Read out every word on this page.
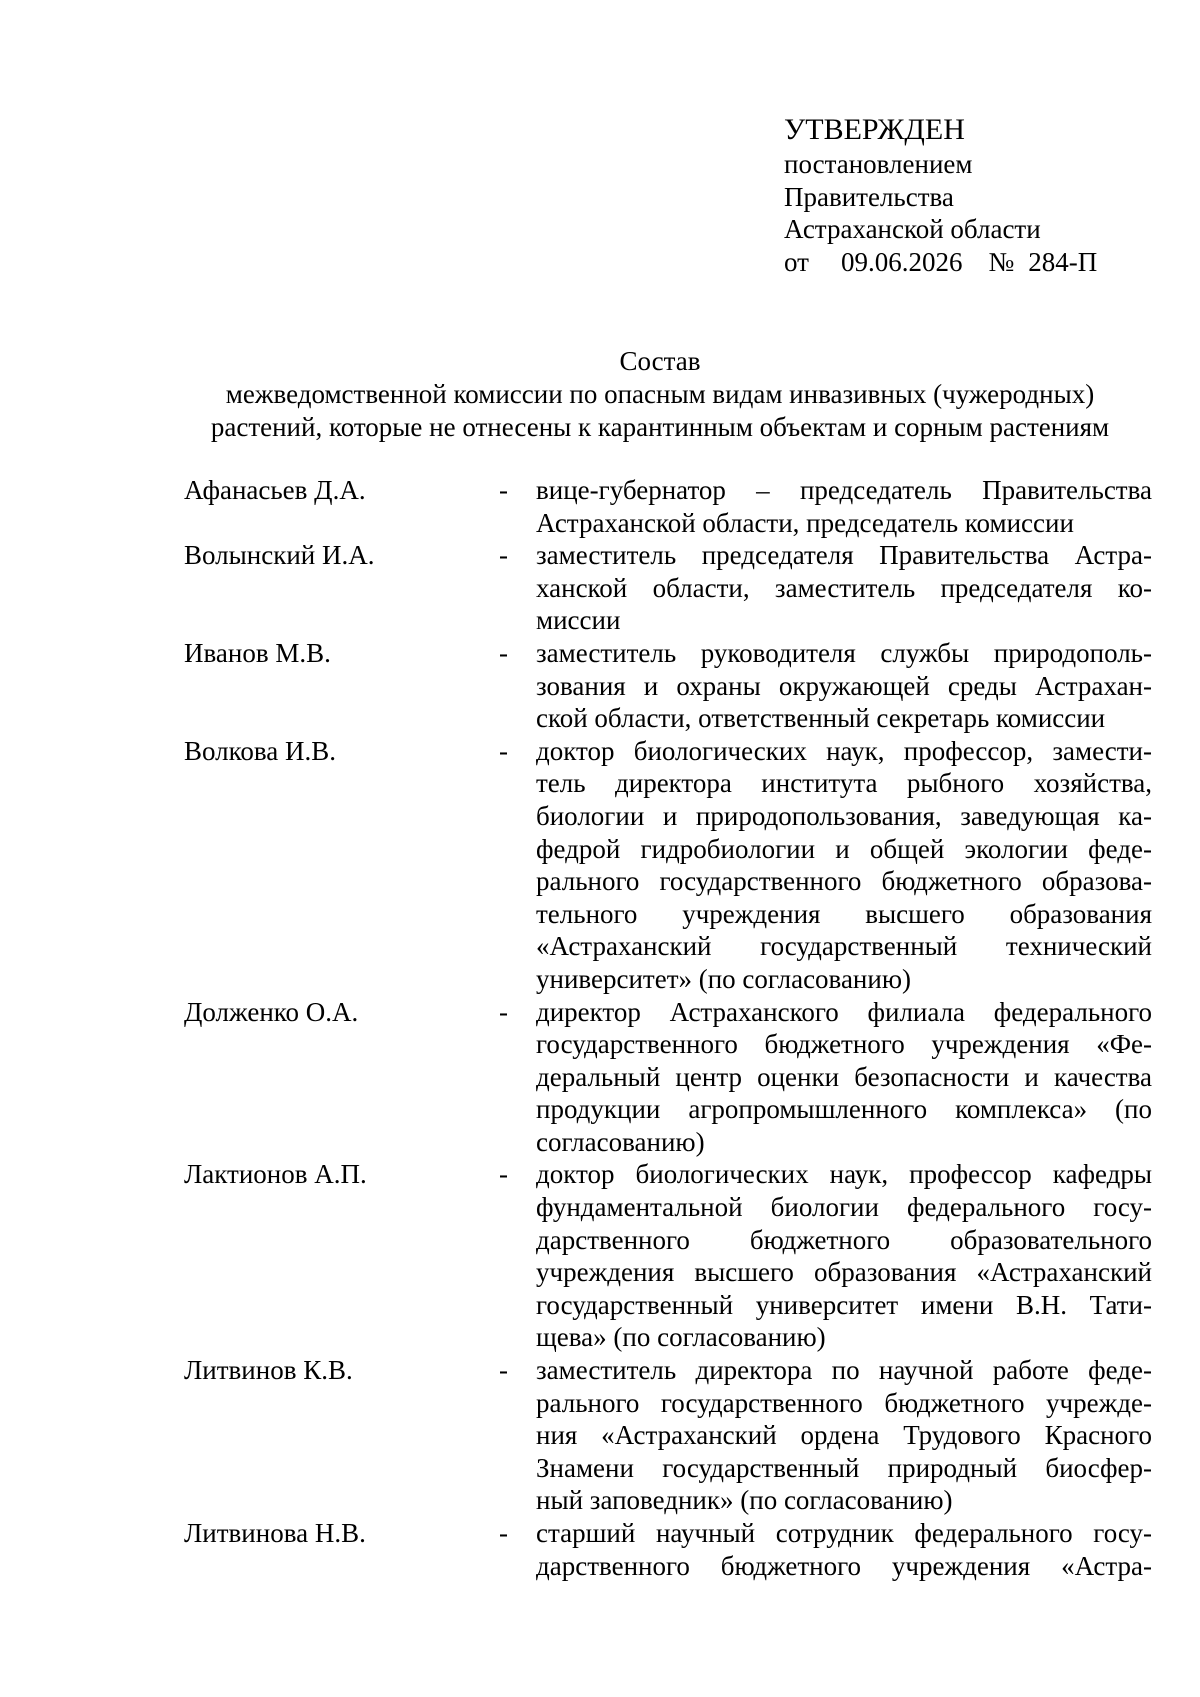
УТВЕРЖДЕН
постановлением
Правительства
Астраханской области
от 09.06.2026 № 284-П
Состав
межведомственной комиссии по опасным видам инвазивных (чужеродных)
растений, которые не отнесены к карантинным объектам и сорным растениям
Афанасьев Д.А.	-	вице-губернатор – председатель Правительства
Астраханской области, председатель комиссии
Волынский И.А.	-	заместитель председателя Правительства Астра-
ханской области, заместитель председателя ко-
миссии
Иванов М.В.	-	заместитель руководителя службы природополь-
зования и охраны окружающей среды Астрахан-
ской области, ответственный секретарь комиссии
Волкова И.В.	-	доктор биологических наук, профессор, замести-
тель директора института рыбного хозяйства,
биологии и природопользования, заведующая ка-
федрой гидробиологии и общей экологии феде-
рального государственного бюджетного образова-
тельного учреждения высшего образования
«Астраханский государственный технический
университет» (по согласованию)
Долженко О.А.	-	директор Астраханского филиала федерального
государственного бюджетного учреждения «Фе-
деральный центр оценки безопасности и качества
продукции агропромышленного комплекса» (по
согласованию)
Лактионов А.П.	-	доктор биологических наук, профессор кафедры
фундаментальной биологии федерального госу-
дарственного бюджетного образовательного
учреждения высшего образования «Астраханский
государственный университет имени В.Н. Тати-
щева» (по согласованию)
Литвинов К.В.	-	заместитель директора по научной работе феде-
рального государственного бюджетного учрежде-
ния «Астраханский ордена Трудового Красного
Знамени государственный природный биосфер-
ный заповедник» (по согласованию)
Литвинова Н.В.	-	старший научный сотрудник федерального госу-
дарственного бюджетного учреждения «Астра-
